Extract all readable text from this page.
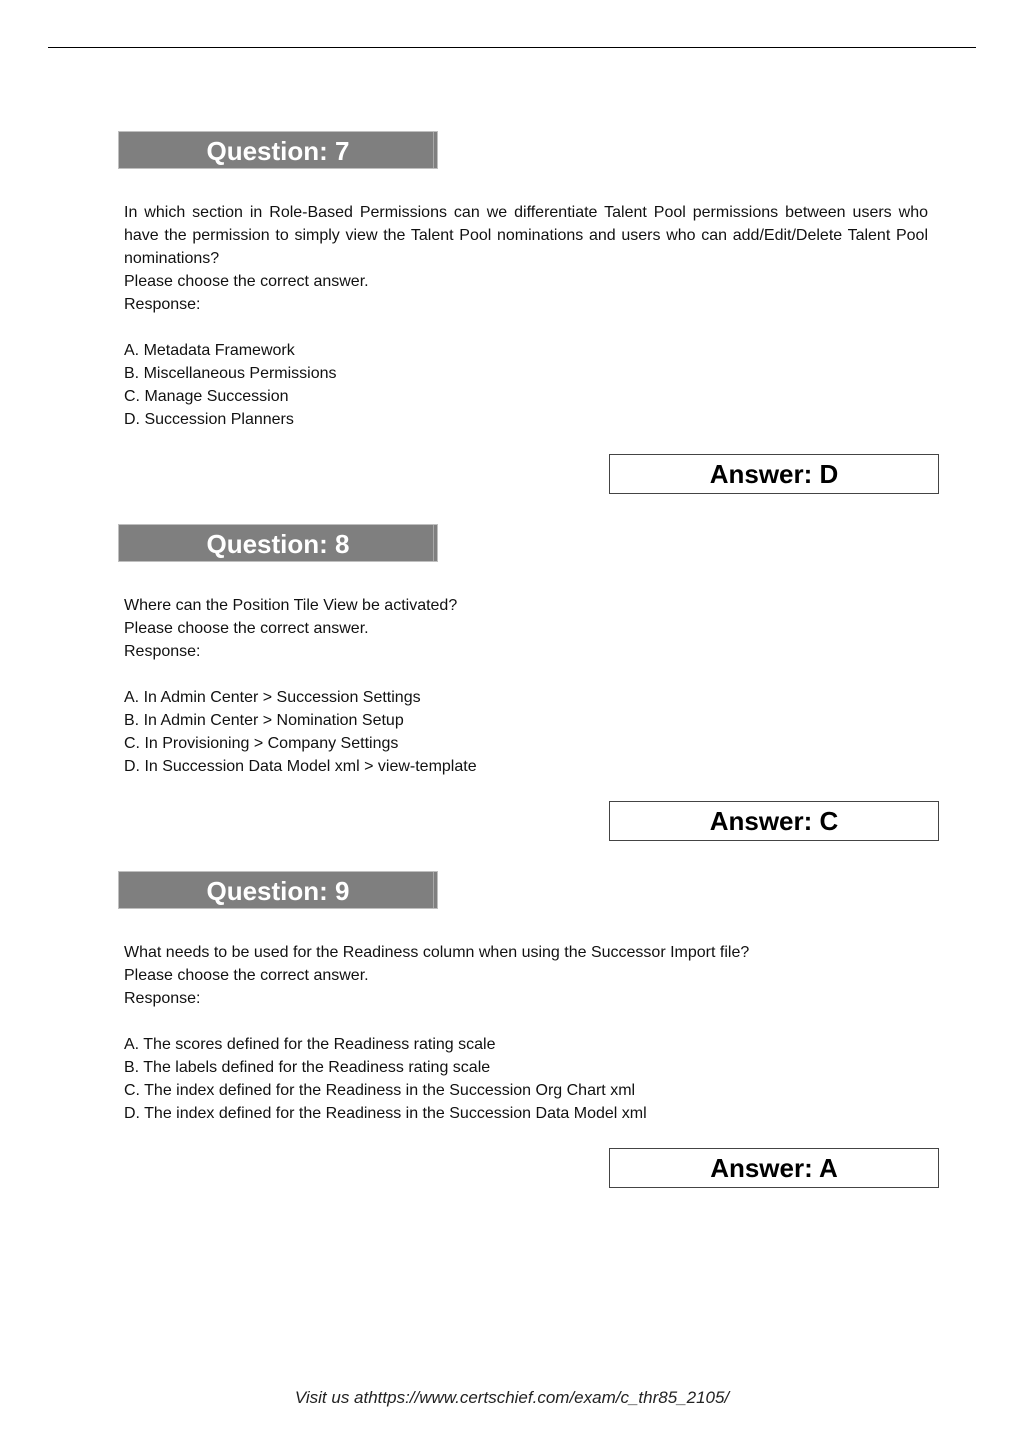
Question: 7
In which section in Role-Based Permissions can we differentiate Talent Pool permissions between users who have the permission to simply view the Talent Pool nominations and users who can add/Edit/Delete Talent Pool nominations?
Please choose the correct answer.
Response:
A. Metadata Framework
B. Miscellaneous Permissions
C. Manage Succession
D. Succession Planners
Answer: D
Question: 8
Where can the Position Tile View be activated?
Please choose the correct answer.
Response:
A. In Admin Center > Succession Settings
B. In Admin Center > Nomination Setup
C. In Provisioning > Company Settings
D. In Succession Data Model xml > view-template
Answer: C
Question: 9
What needs to be used for the Readiness column when using the Successor Import file?
Please choose the correct answer.
Response:
A. The scores defined for the Readiness rating scale
B. The labels defined for the Readiness rating scale
C. The index defined for the Readiness in the Succession Org Chart xml
D. The index defined for the Readiness in the Succession Data Model xml
Answer: A
Visit us athttps://www.certschief.com/exam/c_thr85_2105/
